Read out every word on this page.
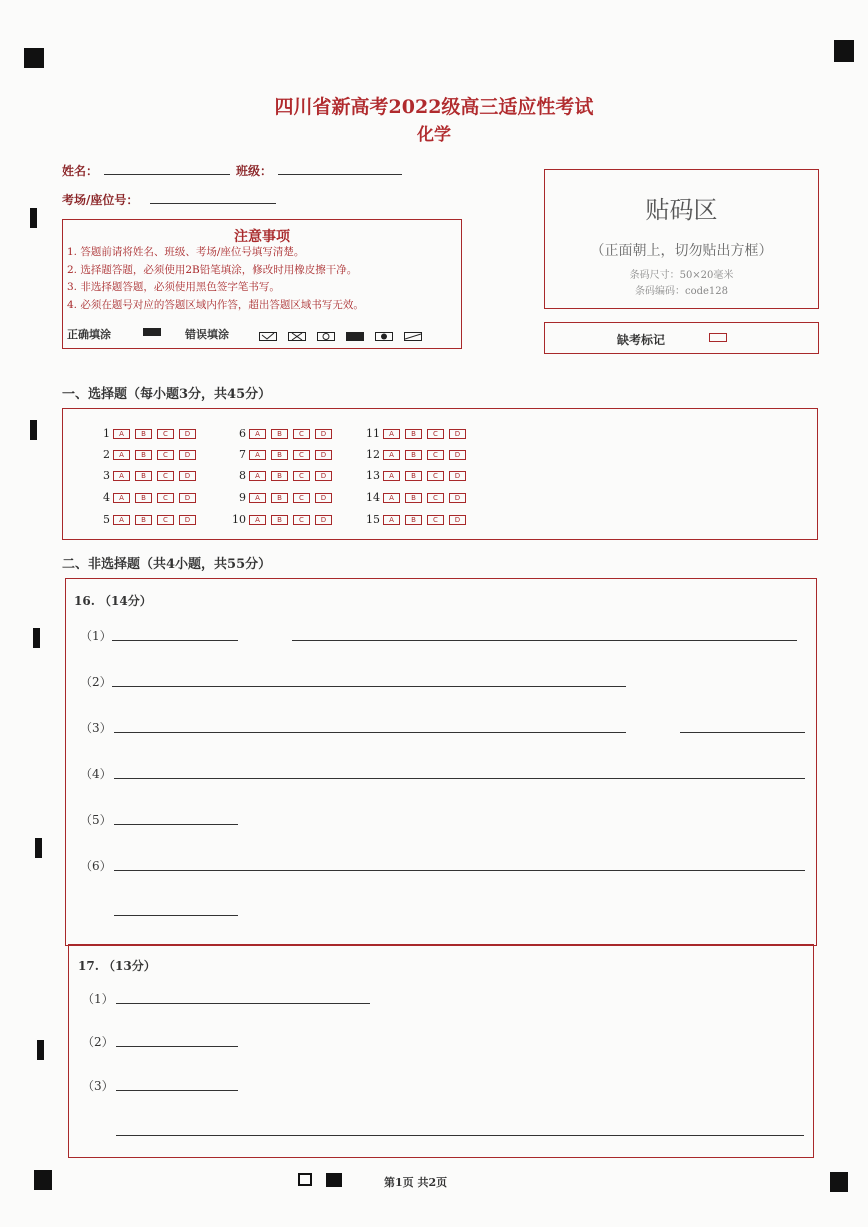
四川省新高考2022级高三适应性考试
化学
姓名：	班级：
考场/座位号：
注意事项
1. 答题前请将姓名、班级、考场/座位号填写清楚。
2. 选择题答题，必须使用2B铅笔填涂，修改时用橡皮擦干净。
3. 非选择题答题，必须使用黑色签字笔书写。
4. 必须在题号对应的答题区域内作答，超出答题区域书写无效。
正确填涂	错误填涂

贴码区
（正面朝上，切勿贴出方框）
条码尺寸：50×20毫米
条码编码：code128
缺考标记
一、选择题（每小题3分，共45分）
1 A B C D
2 A B C D
3 A B C D
4 A B C D
5 A B C D
6 A B C D
7 A B C D
8 A B C D
9 A B C D
10 A B C D
11 A B C D
12 A B C D
13 A B C D
14 A B C D
15 A B C D
二、非选择题（共4小题，共55分）
16. （14分）
（1）
（2）
（3）
（4）
（5）
（6）
17. （13分）
（1）
（2）
（3）
第1页 共2页
